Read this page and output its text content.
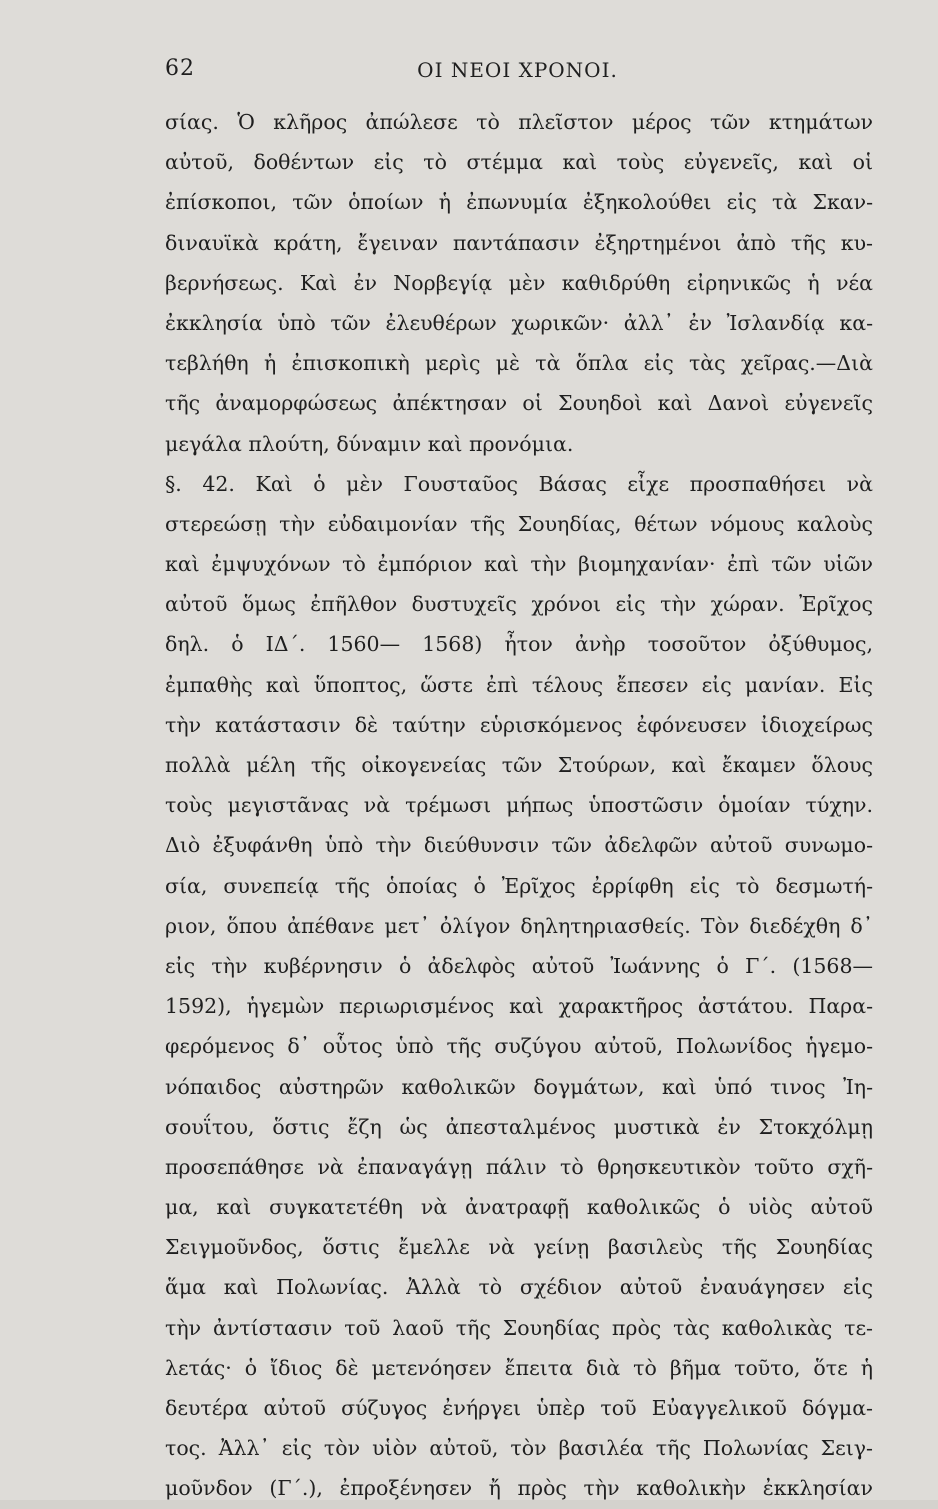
62	ΟΙ ΝΕΟΙ ΧΡΟΝΟΙ.
σίας. Ὁ κλῆρος ἀπώλεσε τὸ πλεῖστον μέρος τῶν κτημάτων
αὐτοῦ, δοθέντων εἰς τὸ στέμμα καὶ τοὺς εὐγενεῖς, καὶ οἱ
ἐπίσκοποι, τῶν ὁποίων ἡ ἐπωνυμία ἐξηκολούθει εἰς τὰ Σκαν-
διναυϊκὰ κράτη, ἔγειναν παντάπασιν ἐξηρτημένοι ἀπὸ τῆς κυ-
βερνήσεως. Καὶ ἐν Νορβεγίᾳ μὲν καθιδρύθη εἰρηνικῶς ἡ νέα
ἐκκλησία ὑπὸ τῶν ἐλευθέρων χωρικῶν· ἀλλ᾽ ἐν Ἰσλανδίᾳ κα-
τεβλήθη ἡ ἐπισκοπικὴ μερὶς μὲ τὰ ὅπλα εἰς τὰς χεῖρας.—Διὰ
τῆς ἀναμορφώσεως ἀπέκτησαν οἱ Σουηδοὶ καὶ Δανοὶ εὐγενεῖς
μεγάλα πλούτη, δύναμιν καὶ προνόμια.
§. 42. Καὶ ὁ μὲν Γουσταῦος Βάσας εἶχε προσπαθήσει νὰ
στερεώσῃ τὴν εὐδαιμονίαν τῆς Σουηδίας, θέτων νόμους καλοὺς
καὶ ἐμψυχόνων τὸ ἐμπόριον καὶ τὴν βιομηχανίαν· ἐπὶ τῶν υἱῶν
αὐτοῦ ὅμως ἐπῆλθον δυστυχεῖς χρόνοι εἰς τὴν χώραν. Ἐρῖχος
δηλ. ὁ ΙΔ΄. 1560— 1568) ἦτον ἀνὴρ τοσοῦτον ὀξύθυμος,
ἐμπαθὴς καὶ ὕποπτος, ὥστε ἐπὶ τέλους ἔπεσεν εἰς μανίαν. Εἰς
τὴν κατάστασιν δὲ ταύτην εὑρισκόμενος ἐφόνευσεν ἰδιοχείρως
πολλὰ μέλη τῆς οἰκογενείας τῶν Στούρων, καὶ ἔκαμεν ὅλους
τοὺς μεγιστᾶνας νὰ τρέμωσι μήπως ὑποστῶσιν ὁμοίαν τύχην.
Διὸ ἐξυφάνθη ὑπὸ τὴν διεύθυνσιν τῶν ἀδελφῶν αὐτοῦ συνωμο-
σία, συνεπείᾳ τῆς ὁποίας ὁ Ἐρῖχος ἐρρίφθη εἰς τὸ δεσμωτή-
ριον, ὅπου ἀπέθανε μετ᾽ ὀλίγον δηλητηριασθείς. Τὸν διεδέχθη δ᾽
εἰς τὴν κυβέρνησιν ὁ ἀδελφὸς αὐτοῦ Ἰωάννης ὁ Γ΄. (1568—
1592), ἡγεμὼν περιωρισμένος καὶ χαρακτῆρος ἀστάτου. Παρα-
φερόμενος δ᾽ οὗτος ὑπὸ τῆς συζύγου αὐτοῦ, Πολωνίδος ἡγεμο-
νόπαιδος αὐστηρῶν καθολικῶν δογμάτων, καὶ ὑπό τινος Ἰη-
σουΐτου, ὅστις ἔζη ὡς ἀπεσταλμένος μυστικὰ ἐν Στοκχόλμῃ
προσεπάθησε νὰ ἐπαναγάγῃ πάλιν τὸ θρησκευτικὸν τοῦτο σχῆ-
μα, καὶ συγκατετέθη νὰ ἀνατραφῇ καθολικῶς ὁ υἱὸς αὐτοῦ
Σειγμοῦνδος, ὅστις ἔμελλε νὰ γείνῃ βασιλεὺς τῆς Σουηδίας
ἅμα καὶ Πολωνίας. Ἀλλὰ τὸ σχέδιον αὐτοῦ ἐναυάγησεν εἰς
τὴν ἀντίστασιν τοῦ λαοῦ τῆς Σουηδίας πρὸς τὰς καθολικὰς τε-
λετάς· ὁ ἴδιος δὲ μετενόησεν ἔπειτα διὰ τὸ βῆμα τοῦτο, ὅτε ἡ
δευτέρα αὐτοῦ σύζυγος ἐνήργει ὑπὲρ τοῦ Εὐαγγελικοῦ δόγμα-
τος. Ἀλλ᾽ εἰς τὸν υἱὸν αὐτοῦ, τὸν βασιλέα τῆς Πολωνίας Σειγ-
μοῦνδον (Γ΄.), ἐπροξένησεν ἤ πρὸς τὴν καθολικὴν ἐκκλησίαν
